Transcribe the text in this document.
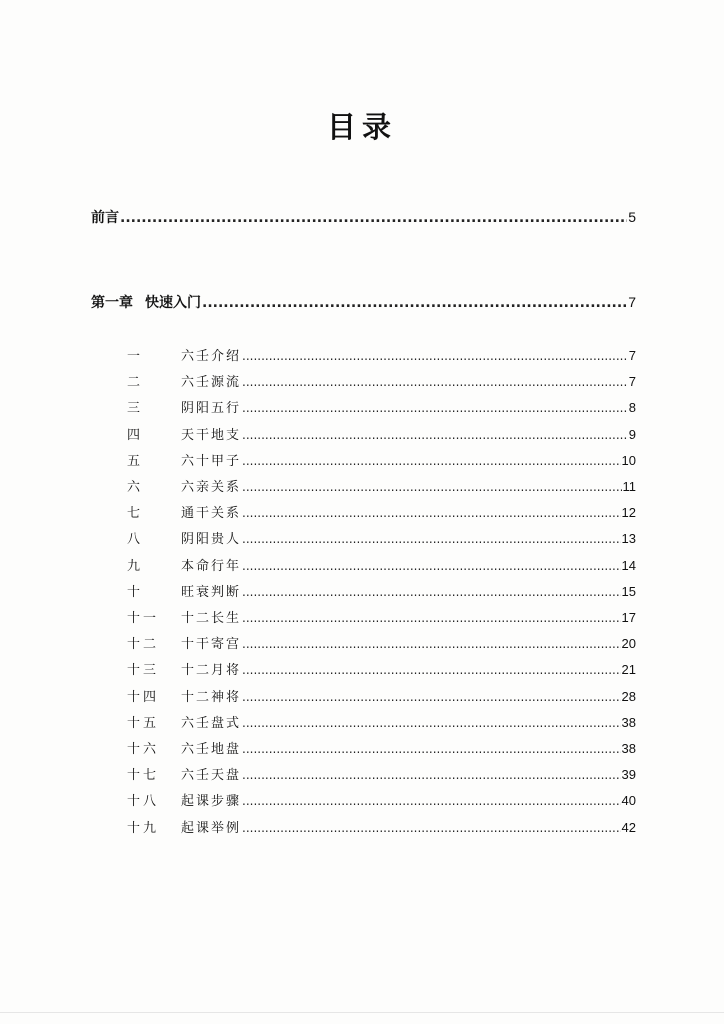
目录
前言 .....	5
第一章 快速入门 .....	7
一	六壬介绍 .....	7
二	六壬源流 .....	7
三	阴阳五行 .....	8
四	天干地支 .....	9
五	六十甲子 .....	10
六	六亲关系 .....	11
七	通干关系 .....	12
八	阴阳贵人 .....	13
九	本命行年 .....	14
十	旺衰判断 .....	15
十一 十二长生 .....	17
十二 十干寄宫 .....	20
十三 十二月将 .....	21
十四 十二神将 .....	28
十五 六壬盘式 .....	38
十六 六壬地盘 .....	38
十七 六壬天盘 .....	39
十八 起课步骤 .....	40
十九 起课举例 .....	42
